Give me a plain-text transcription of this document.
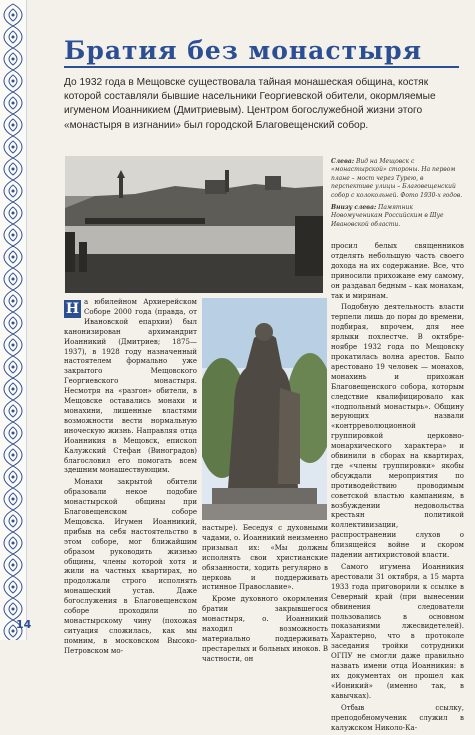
Братия без монастыря
До 1932 года в Мещовске существовала тайная монашеская община, костяк которой составляли бывшие насельники Георгиевской обители, окормляемые игуменом Иоанникием (Дмитриевым). Центром богослужебной жизни этого «монастыря в изгнании» был городской Благовещенский собор.

Слева: Вид на Мещовск с «монастырской» стороны. На первом плане – мост через Турею, в перспективе улицы – Благовещенский собор с колокольней. Фото 1930-х годов.

Внизу слева: Памятник Новомученикам Российским в Шуе Ивановской области.

Н а юбилейном Архиерейском Соборе 2000 года (правда, от Ивановской епархии) был канонизирован архимандрит Иоанникий (Дмитриев; 1875—1937), в 1928 году назначенный настоятелем формально уже закрытого Мещовского Георгиевского монастыря. Несмотря на «разгон» обители, в Мещовске оставались монахи и монахини, лишенные властями возможности вести нормальную иноческую жизнь. Направляя отца Иоанникия в Мещовск, епископ Калужский Стефан (Виноградов) благословил его помогать всем здешним монашествующим.

Монахи закрытой обители образовали некое подобие монастырской общины при Благовещенском соборе Мещовска. Игумен Иоанникий, прибыв на себя настоятельство в этом соборе, мог ближайшим образом руководить жизнью общины, члены которой хотя и жили на частных квартирах, но продолжали строго исполнять монашеский устав. Даже богослужения в Благовещенском соборе проходили по монастырскому чину (похожая ситуация сложилась, как мы помним, в московском Высоко-Петровском мо-

настыре). Беседуя с духовными чадами, о. Иоанникий неизменно призывал их: «Мы должны исполнять свои христианские обязанности, ходить регулярно в церковь и поддерживать истинное Православие».

Кроме духовного окормления братии закрывшегося монастыря, о. Иоанникий находил возможность материально поддерживать престарелых и больных иноков. В частности, он

просил белых священников отделять небольшую часть своего дохода на их содержание. Все, что приносили прихожане ему самому, он раздавал бедным – как монахам, так и мирянам.

Подобную деятельность власти терпели лишь до поры до времени, подбирая, впрочем, для нее ярлыки похлестче. В октябре-ноябре 1932 года по Мещовску прокатилась волна арестов. Было арестовано 19 человек — монахов, монахинь и прихожан Благовещенского собора, которым следствие квалифицировало как «подпольный монастырь». Общину верующих назвали «контрреволюционной группировкой церковно-монархического характера» и обвинили в сборах на квартирах, где «члены группировки» якобы обсуждали мероприятия по противодействию проводимым советской властью кампаниям, в возбуждении недовольства крестьян политикой коллективизации, распространении слухов о близящейся войне и скором падении антихристовой власти.

Самого игумена Иоанникия арестовали 31 октября, а 15 марта 1933 года приговорили к ссылке в Северный край (при вынесении обвинения следователи пользовались в основном показаниями лжесвидетелей). Характерно, что в протоколе заседания тройки сотрудники ОГПУ не смогли даже правильно назвать имени отца Иоанникия: в их документах он прошел как «Ионикий» (именно так, в кавычках).

Отбыв ссылку, преподобномученик служил в калужском Николо-Ка-

14
